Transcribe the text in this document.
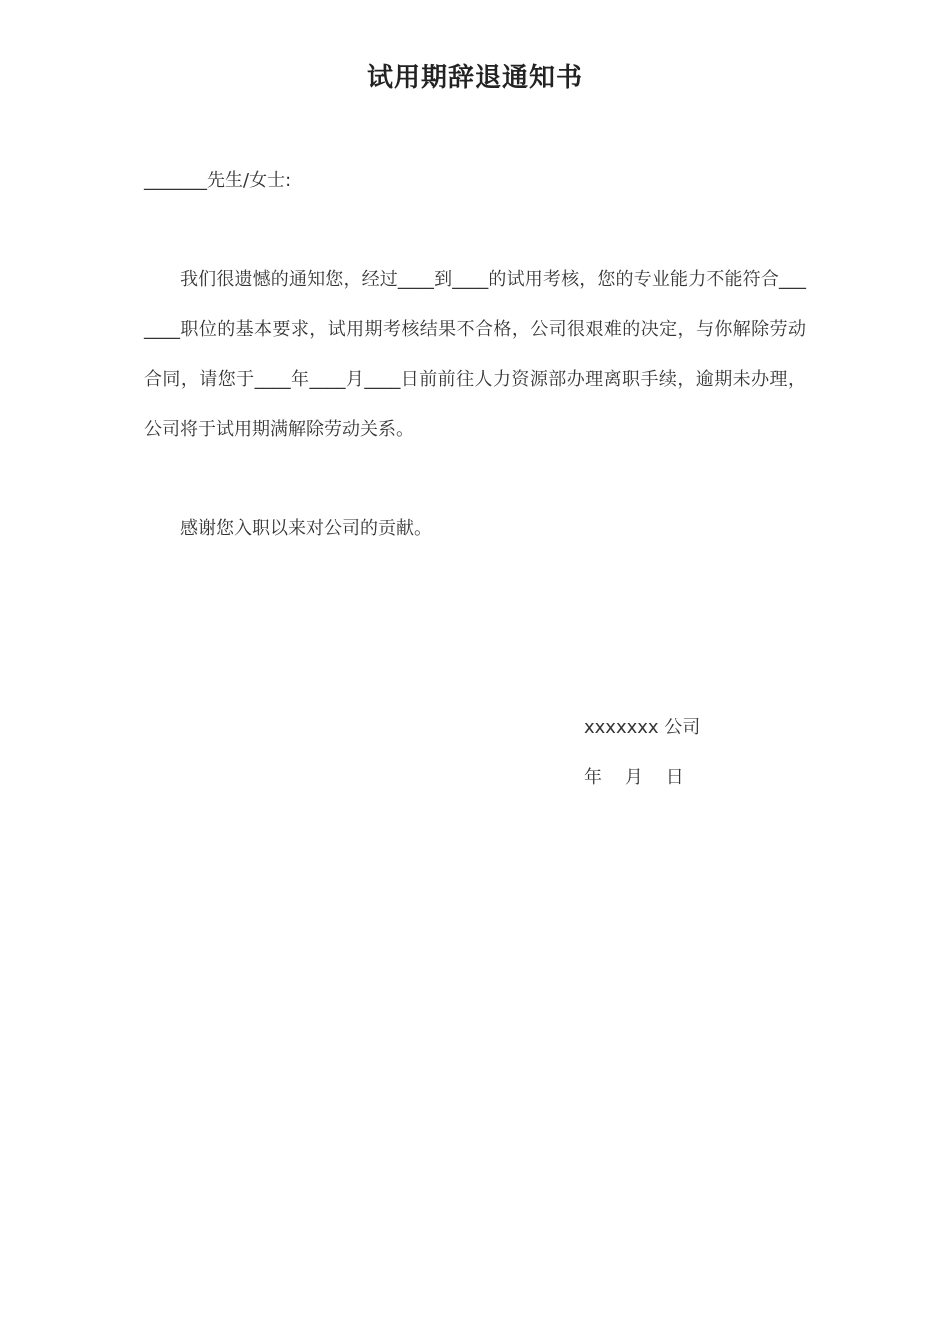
试用期辞退通知书
_______先生/女士:
我们很遗憾的通知您，经过____到____的试用考核，您的专业能力不能符合_______职位的基本要求，试用期考核结果不合格，公司很艰难的决定，与你解除劳动合同，请您于____年____月____日前前往人力资源部办理离职手续，逾期未办理，公司将于试用期满解除劳动关系。
感谢您入职以来对公司的贡献。
xxxxxxx 公司
年    月    日
